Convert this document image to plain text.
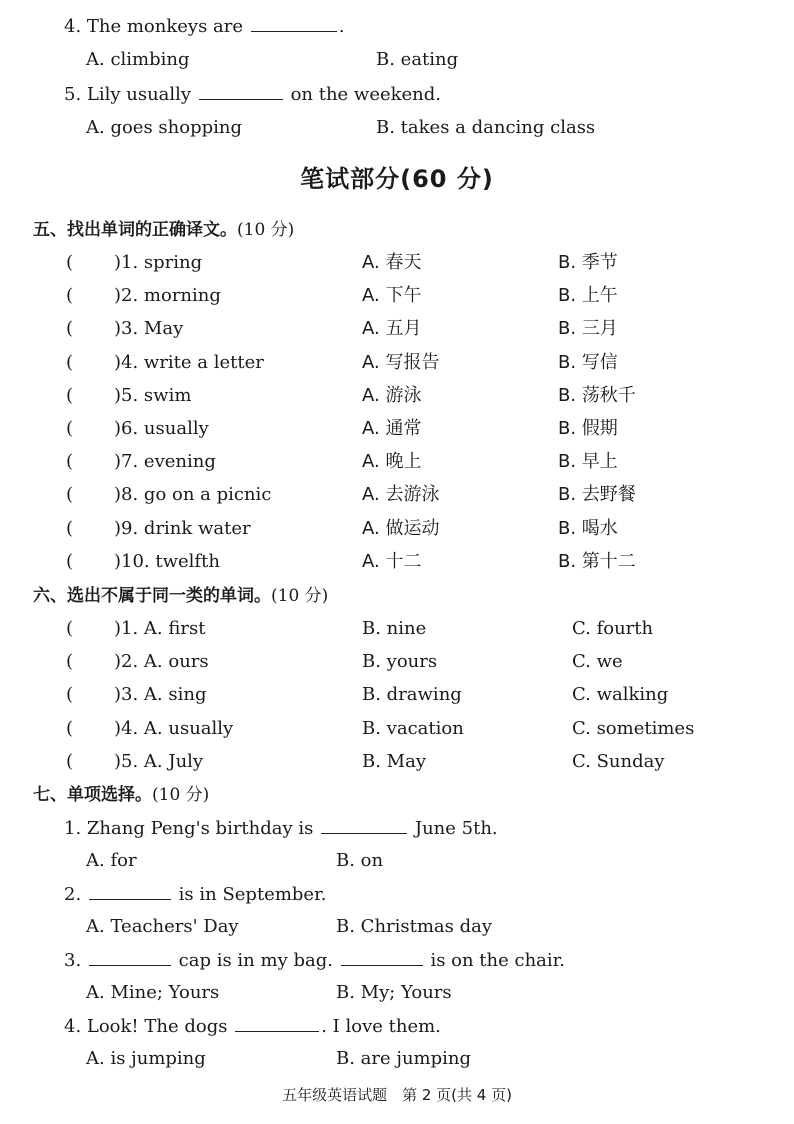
4. The monkeys are	.
A. climbing	B. eating
5. Lily usually	on the weekend.
A. goes shopping	B. takes a dancing class
笔试部分(60 分)
五、找出单词的正确译文。(10 分)
( )1. spring	A. 春天	B. 季节
( )2. morning	A. 下午	B. 上午
( )3. May	A. 五月	B. 三月
( )4. write a letter	A. 写报告	B. 写信
( )5. swim	A. 游泳	B. 荡秋千
( )6. usually	A. 通常	B. 假期
( )7. evening	A. 晚上	B. 早上
( )8. go on a picnic	A. 去游泳	B. 去野餐
( )9. drink water	A. 做运动	B. 喝水
( )10. twelfth	A. 十二	B. 第十二
六、选出不属于同一类的单词。(10 分)
( )1. A. first	B. nine	C. fourth
( )2. A. ours	B. yours	C. we
( )3. A. sing	B. drawing	C. walking
( )4. A. usually	B. vacation	C. sometimes
( )5. A. July	B. May	C. Sunday
七、单项选择。(10 分)
1. Zhang Peng's birthday is	June 5th.
A. for	B. on
2.	is in September.
A. Teachers' Day	B. Christmas day
3.	cap is in my bag.	is on the chair.
A. Mine; Yours	B. My; Yours
4. Look! The dogs	. I love them.
A. is jumping	B. are jumping
五年级英语试题　第 2 页(共 4 页)
